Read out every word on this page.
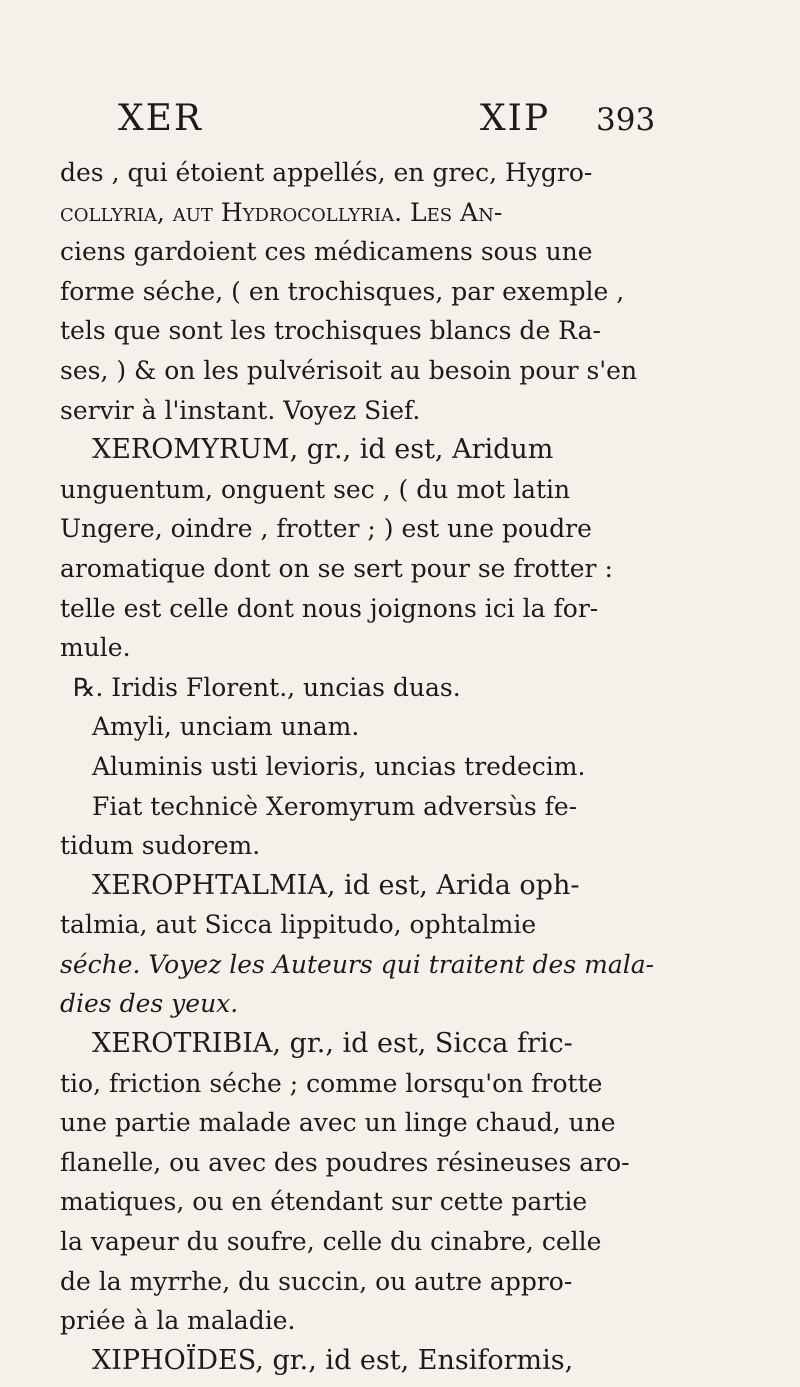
XER	XIP 393
des , qui étoient appellés, en grec, Hygro-
collyria, aut Hydrocollyria. Les An-
ciens gardoient ces médicamens sous une
forme séche, ( en trochisques, par exemple ,
tels que sont les trochisques blancs de Ra-
ses, ) & on les pulvérisoit au besoin pour s'en
servir à l'instant. Voyez Sief.
XEROMYRUM, gr., id est, Aridum
unguentum, onguent sec , ( du mot latin
Ungere, oindre , frotter ; ) est une poudre
aromatique dont on se sert pour se frotter :
telle est celle dont nous joignons ici la for-
mule.
℞. Iridis Florent., uncias duas.
Amyli, unciam unam.
Aluminis usti levioris, uncias tredecim.
Fiat technicè Xeromyrum adversùs fe-
tidum sudorem.
XEROPHTALMIA, id est, Arida oph-
talmia, aut Sicca lippitudo, ophtalmie
séche. Voyez les Auteurs qui traitent des mala-
dies des yeux.
XEROTRIBIA, gr., id est, Sicca fric-
tio, friction séche ; comme lorsqu'on frotte
une partie malade avec un linge chaud, une
flanelle, ou avec des poudres résineuses aro-
matiques, ou en étendant sur cette partie
la vapeur du soufre, celle du cinabre, celle
de la myrrhe, du succin, ou autre appro-
priée à la maladie.
XIPHOÏDES, gr., id est, Ensiformis,
